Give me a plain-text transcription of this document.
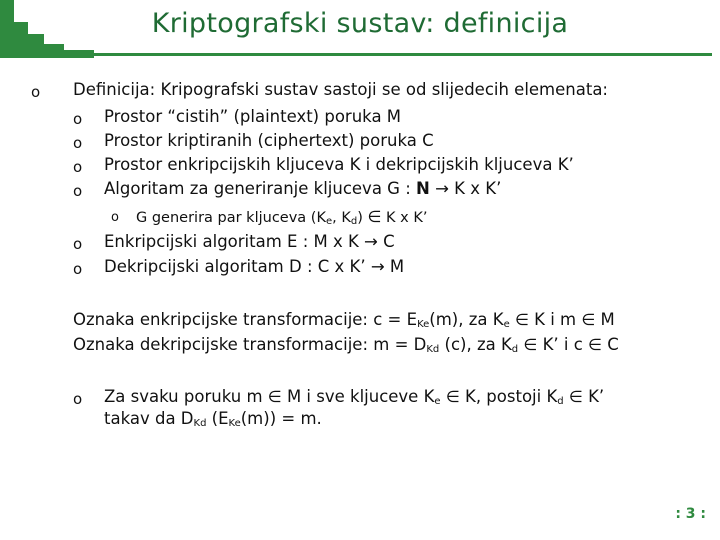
Kriptografski sustav: definicija
o Definicija: Kripografski sustav sastoji se od slijedecih elemenata:
o Prostor “cistih” (plaintext) poruka M
o Prostor kriptiranih (ciphertext) poruka C
o Prostor enkripcijskih kljuceva K i dekripcijskih kljuceva K’
o Algoritam za generiranje kljuceva G : N → K x K’
o G generira par kljuceva ($K_e$, $K_d$) ∈ K x K’
o Enkripcijski algoritam E : M x K → C
o Dekripcijski algoritam D : C x K’ → M
Oznaka enkripcijske transformacije: $c = E_{Ke}(m)$, za $K_e$ ∈ K i m ∈ M
Oznaka dekripcijske transformacije: $m = D_{Kd}$ (c), za $K_d$ ∈ K’ i c ∈ C
o Za svaku poruku m ∈ M i sve kljuceve $K_e$ ∈ K, postoji $K_d$ ∈ K’
takav da $D_{Kd}$ $(E_{Ke}(m)) = m$.
: 3 :
